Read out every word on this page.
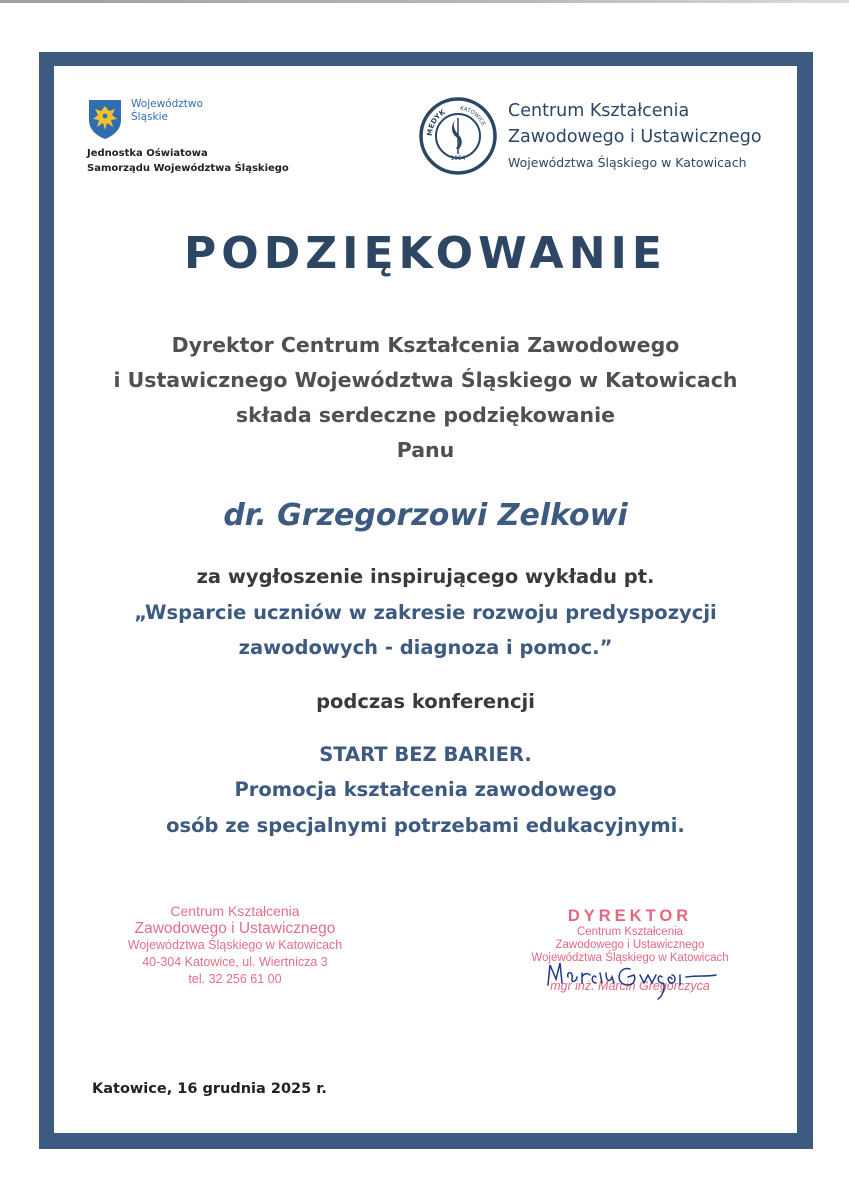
Województwo Śląskie
Jednostka Oświatowa
Samorządu Województwa Śląskiego
MEDYK KATOWICE
1954
Centrum Kształcenia
Zawodowego i Ustawicznego
Województwa Śląskiego w Katowicach
PODZIĘKOWANIE
Dyrektor Centrum Kształcenia Zawodowego
i Ustawicznego Województwa Śląskiego w Katowicach
składa serdeczne podziękowanie
Panu
dr. Grzegorzowi Zelkowi
za wygłoszenie inspirującego wykładu pt.
„Wsparcie uczniów w zakresie rozwoju predyspozycji
zawodowych - diagnoza i pomoc.”
podczas konferencji
START BEZ BARIER.
Promocja kształcenia zawodowego
osób ze specjalnymi potrzebami edukacyjnymi.
Centrum Kształcenia
Zawodowego i Ustawicznego
Województwa Śląskiego w Katowicach
40-304 Katowice, ul. Wiertnicza 3
tel. 32 256 61 00
DYREKTOR
Centrum Kształcenia
Zawodowego i Ustawicznego
Województwa Śląskiego w Katowicach
mgr inż. Marcin Gregorczyca
Katowice, 16 grudnia 2025 r.
